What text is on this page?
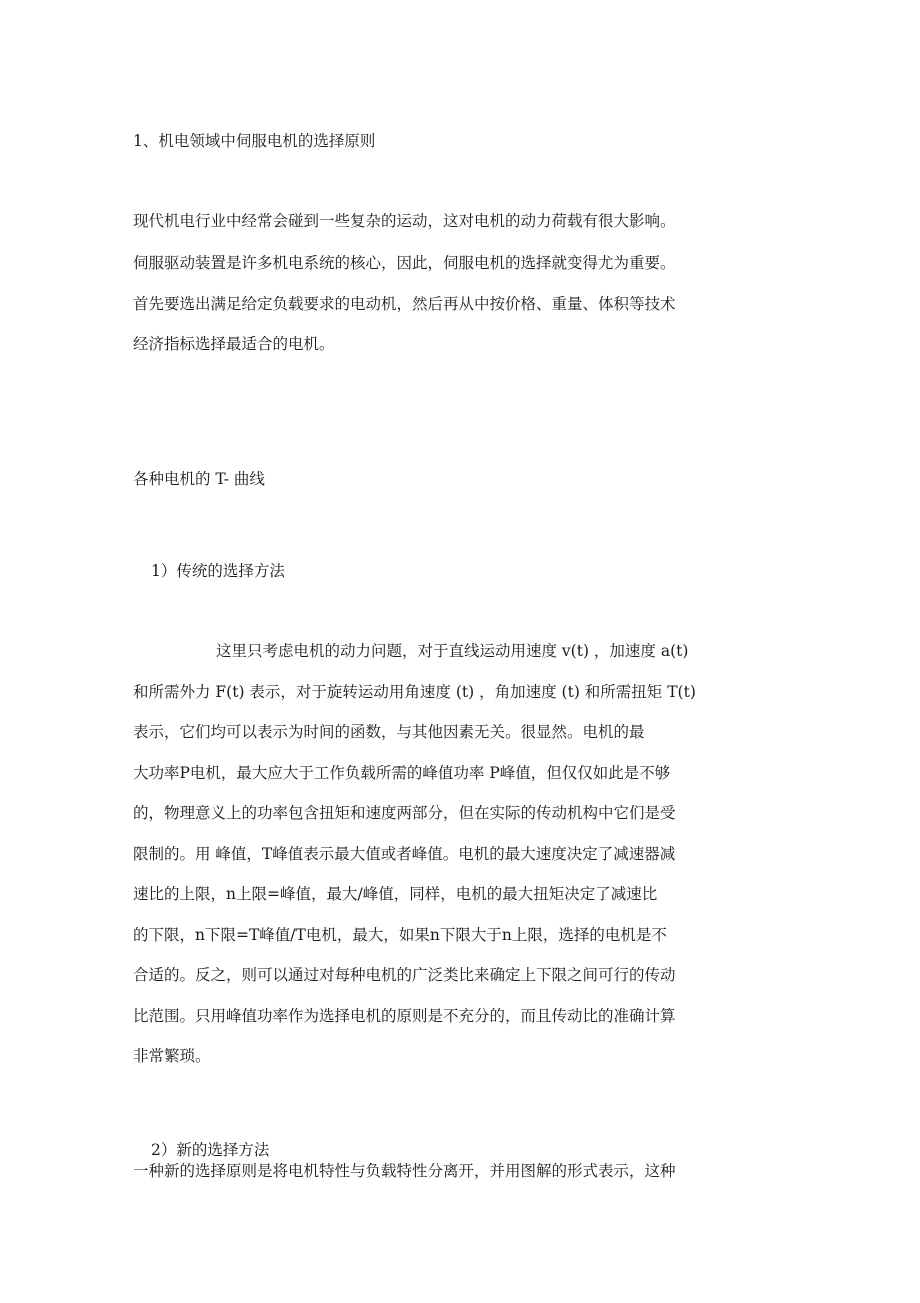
1、机电领域中伺服电机的选择原则
现代机电行业中经常会碰到一些复杂的运动，这对电机的动力荷载有很大影响。
伺服驱动装置是许多机电系统的核心，因此，伺服电机的选择就变得尤为重要。
首先要选出满足给定负载要求的电动机，然后再从中按价格、重量、体积等技术
经济指标选择最适合的电机。
各种电机的 T- 曲线
1）传统的选择方法
这里只考虑电机的动力问题，对于直线运动用速度 v(t) ，加速度 a(t)
和所需外力 F(t) 表示，对于旋转运动用角速度 (t) ，角加速度 (t) 和所需扭矩 T(t)
表示，它们均可以表示为时间的函数，与其他因素无关。很显然。电机的最
大功率P电机，最大应大于工作负载所需的峰值功率 P峰值，但仅仅如此是不够
的，物理意义上的功率包含扭矩和速度两部分，但在实际的传动机构中它们是受
限制的。用 峰值，T峰值表示最大值或者峰值。电机的最大速度决定了减速器减
速比的上限，n上限=峰值，最大/峰值，同样，电机的最大扭矩决定了减速比
的下限，n下限=T峰值/T电机，最大，如果n下限大于n上限，选择的电机是不
合适的。反之，则可以通过对每种电机的广泛类比来确定上下限之间可行的传动
比范围。只用峰值功率作为选择电机的原则是不充分的，而且传动比的准确计算
非常繁琐。
2）新的选择方法
一种新的选择原则是将电机特性与负载特性分离开，并用图解的形式表示，这种
